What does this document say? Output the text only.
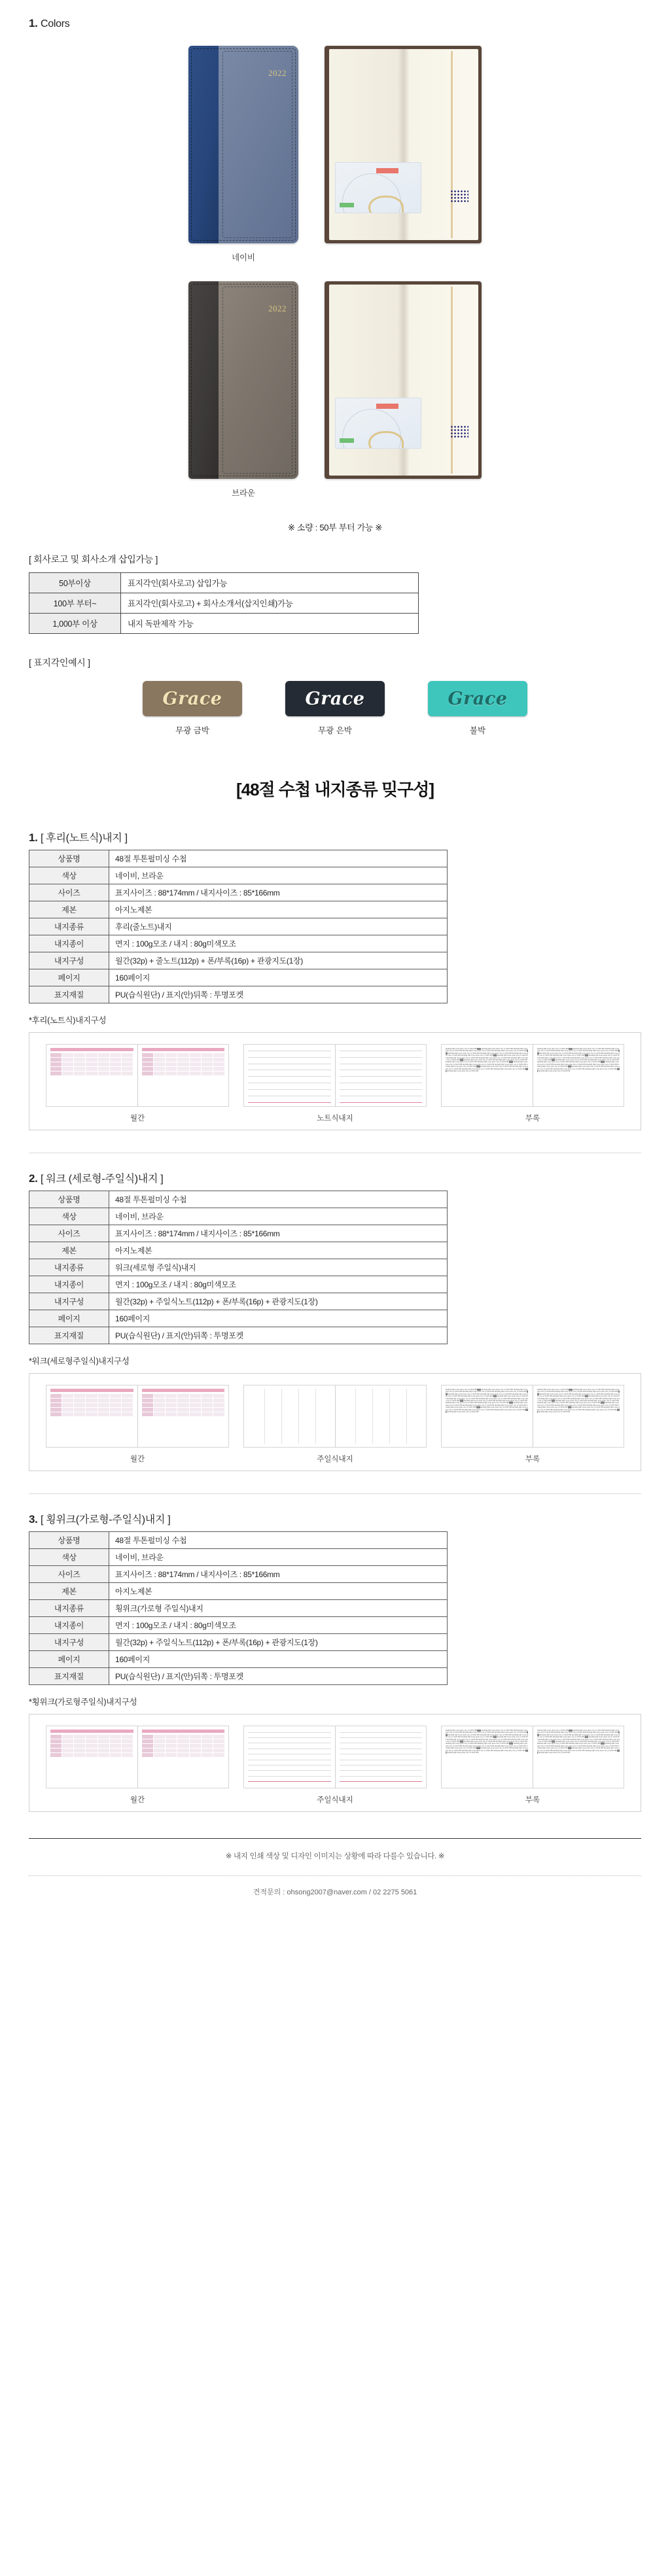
1. Colors
2022
네이비
2022
브라운
※ 소량 : 50부 부터 가능 ※
[ 회사로고 및 회사소개 삽입가능 ]
50부이상	표지각인(회사로고) 삽입가능
100부 부터~	표지각인(회사로고) + 회사소개서(삽지인쇄)가능
1,000부 이상	내지 독판제작 가능
[ 표지각인예시 ]
Grace
무광 금박
Grace
무광 은박
Grace
불박
[48절 수첩 내지종류 밎구성]
1. [ 후리(노트식)내지 ]
상품명	48절 투톤펄미싱 수첩
색상	네이비, 브라운
사이즈	표지사이즈 : 88*174mm / 내지사이즈 : 85*166mm
제본	아지노제본
내지종류	후리(줄노트)내지
내지종이	면지 : 100g모조 / 내지 : 80g미색모조
내지구성	월간(32p) + 줄노트(112p) + 폰/부록(16p) + 관광지도(1장)
페이지	160페이지
표지재질	PU(습식원단) / 표지(안)뒤쪽 : 투명포켓
*후리(노트식)내지구성
월간	노트식내지
abcdefg hijkl mnop qrstu vwx yz 0123 456 ███ abcdefg hijkl mnop qrstu vwx yz 0123 456 abcdefg hijkl mnop qrstu vwx yz 0123 456 abcdefg hijkl mnop qrstu vwx yz 0123 456 abcdefg hijkl mnop qrstu vwx yz 0123 456 ███ abcdefg hijkl mnop qrstu vwx yz 0123 456 abcdefg hijkl mnop qrstu vwx yz 0123 456 abcdefg hijkl mnop qrstu vwx yz 0123 456 abcdefg hijkl mnop qrstu vwx yz 0123 456 ███ abcdefg hijkl mnop qrstu vwx yz 0123 456 abcdefg hijkl mnop qrstu vwx yz 0123 456 abcdefg hijkl mnop qrstu vwx yz 0123 456 abcdefg hijkl mnop qrstu vwx yz 0123 456 ███ abcdefg hijkl mnop qrstu vwx yz 0123 456 abcdefg hijkl mnop qrstu vwx yz 0123 456 abcdefg hijkl mnop qrstu vwx yz 0123 456 abcdefg hijkl mnop qrstu vwx yz 0123 456 ███ abcdefg hijkl mnop qrstu vwx yz 0123 456 abcdefg hijkl mnop qrstu vwx yz 0123 456 abcdefg hijkl mnop qrstu vwx yz 0123 456 abcdefg hijkl mnop qrstu vwx yz 0123 456 ███ abcdefg hijkl mnop qrstu vwx yz 0123 456 abcdefg hijkl mnop qrstu vwx yz 0123 456 abcdefg hijkl mnop qrstu vwx yz 0123 456 abcdefg hijkl mnop qrstu vwx yz 0123 456 ███ abcdefg hijkl mnop qrstu vwx yz 0123 456
abcdefg hijkl mnop qrstu vwx yz 0123 456 ███ abcdefg hijkl mnop qrstu vwx yz 0123 456 abcdefg hijkl mnop qrstu vwx yz 0123 456 abcdefg hijkl mnop qrstu vwx yz 0123 456 abcdefg hijkl mnop qrstu vwx yz 0123 456 ███ abcdefg hijkl mnop qrstu vwx yz 0123 456 abcdefg hijkl mnop qrstu vwx yz 0123 456 abcdefg hijkl mnop qrstu vwx yz 0123 456 abcdefg hijkl mnop qrstu vwx yz 0123 456 ███ abcdefg hijkl mnop qrstu vwx yz 0123 456 abcdefg hijkl mnop qrstu vwx yz 0123 456 abcdefg hijkl mnop qrstu vwx yz 0123 456 abcdefg hijkl mnop qrstu vwx yz 0123 456 ███ abcdefg hijkl mnop qrstu vwx yz 0123 456 abcdefg hijkl mnop qrstu vwx yz 0123 456 abcdefg hijkl mnop qrstu vwx yz 0123 456 abcdefg hijkl mnop qrstu vwx yz 0123 456 ███ abcdefg hijkl mnop qrstu vwx yz 0123 456 abcdefg hijkl mnop qrstu vwx yz 0123 456 abcdefg hijkl mnop qrstu vwx yz 0123 456 abcdefg hijkl mnop qrstu vwx yz 0123 456 ███ abcdefg hijkl mnop qrstu vwx yz 0123 456 abcdefg hijkl mnop qrstu vwx yz 0123 456 abcdefg hijkl mnop qrstu vwx yz 0123 456 abcdefg hijkl mnop qrstu vwx yz 0123 456 ███ abcdefg hijkl mnop qrstu vwx yz 0123 456
부록
2. [ 워크 (세로형-주일식)내지 ]
상품명	48절 투톤펄미싱 수첩
색상	네이비, 브라운
사이즈	표지사이즈 : 88*174mm / 내지사이즈 : 85*166mm
제본	아지노제본
내지종류	워크(세로형 주일식)내지
내지종이	면지 : 100g모조 / 내지 : 80g미색모조
내지구성	월간(32p) + 주일식노트(112p) + 폰/부록(16p) + 관광지도(1장)
페이지	160페이지
표지재질	PU(습식원단) / 표지(안)뒤쪽 : 투명포켓
*워크(세로형주일식)내지구성
월간	주일식내지
abcdefg hijkl mnop qrstu vwx yz 0123 456 ███ abcdefg hijkl mnop qrstu vwx yz 0123 456 abcdefg hijkl mnop qrstu vwx yz 0123 456 abcdefg hijkl mnop qrstu vwx yz 0123 456 abcdefg hijkl mnop qrstu vwx yz 0123 456 ███ abcdefg hijkl mnop qrstu vwx yz 0123 456 abcdefg hijkl mnop qrstu vwx yz 0123 456 abcdefg hijkl mnop qrstu vwx yz 0123 456 abcdefg hijkl mnop qrstu vwx yz 0123 456 ███ abcdefg hijkl mnop qrstu vwx yz 0123 456 abcdefg hijkl mnop qrstu vwx yz 0123 456 abcdefg hijkl mnop qrstu vwx yz 0123 456 abcdefg hijkl mnop qrstu vwx yz 0123 456 ███ abcdefg hijkl mnop qrstu vwx yz 0123 456 abcdefg hijkl mnop qrstu vwx yz 0123 456 abcdefg hijkl mnop qrstu vwx yz 0123 456 abcdefg hijkl mnop qrstu vwx yz 0123 456 ███ abcdefg hijkl mnop qrstu vwx yz 0123 456 abcdefg hijkl mnop qrstu vwx yz 0123 456 abcdefg hijkl mnop qrstu vwx yz 0123 456 abcdefg hijkl mnop qrstu vwx yz 0123 456 ███ abcdefg hijkl mnop qrstu vwx yz 0123 456 abcdefg hijkl mnop qrstu vwx yz 0123 456 abcdefg hijkl mnop qrstu vwx yz 0123 456 abcdefg hijkl mnop qrstu vwx yz 0123 456 ███ abcdefg hijkl mnop qrstu vwx yz 0123 456
abcdefg hijkl mnop qrstu vwx yz 0123 456 ███ abcdefg hijkl mnop qrstu vwx yz 0123 456 abcdefg hijkl mnop qrstu vwx yz 0123 456 abcdefg hijkl mnop qrstu vwx yz 0123 456 abcdefg hijkl mnop qrstu vwx yz 0123 456 ███ abcdefg hijkl mnop qrstu vwx yz 0123 456 abcdefg hijkl mnop qrstu vwx yz 0123 456 abcdefg hijkl mnop qrstu vwx yz 0123 456 abcdefg hijkl mnop qrstu vwx yz 0123 456 ███ abcdefg hijkl mnop qrstu vwx yz 0123 456 abcdefg hijkl mnop qrstu vwx yz 0123 456 abcdefg hijkl mnop qrstu vwx yz 0123 456 abcdefg hijkl mnop qrstu vwx yz 0123 456 ███ abcdefg hijkl mnop qrstu vwx yz 0123 456 abcdefg hijkl mnop qrstu vwx yz 0123 456 abcdefg hijkl mnop qrstu vwx yz 0123 456 abcdefg hijkl mnop qrstu vwx yz 0123 456 ███ abcdefg hijkl mnop qrstu vwx yz 0123 456 abcdefg hijkl mnop qrstu vwx yz 0123 456 abcdefg hijkl mnop qrstu vwx yz 0123 456 abcdefg hijkl mnop qrstu vwx yz 0123 456 ███ abcdefg hijkl mnop qrstu vwx yz 0123 456 abcdefg hijkl mnop qrstu vwx yz 0123 456 abcdefg hijkl mnop qrstu vwx yz 0123 456 abcdefg hijkl mnop qrstu vwx yz 0123 456 ███ abcdefg hijkl mnop qrstu vwx yz 0123 456
부록
3. [ 횡위크(가로형-주일식)내지 ]
상품명	48절 투톤펄미싱 수첩
색상	네이비, 브라운
사이즈	표지사이즈 : 88*174mm / 내지사이즈 : 85*166mm
제본	아지노제본
내지종류	횡위크(가로형 주일식)내지
내지종이	면지 : 100g모조 / 내지 : 80g미색모조
내지구성	월간(32p) + 주일식노트(112p) + 폰/부록(16p) + 관광지도(1장)
페이지	160페이지
표지재질	PU(습식원단) / 표지(안)뒤쪽 : 투명포켓
*횡위크(가로형주일식)내지구성
월간	주일식내지
abcdefg hijkl mnop qrstu vwx yz 0123 456 ███ abcdefg hijkl mnop qrstu vwx yz 0123 456 abcdefg hijkl mnop qrstu vwx yz 0123 456 abcdefg hijkl mnop qrstu vwx yz 0123 456 abcdefg hijkl mnop qrstu vwx yz 0123 456 ███ abcdefg hijkl mnop qrstu vwx yz 0123 456 abcdefg hijkl mnop qrstu vwx yz 0123 456 abcdefg hijkl mnop qrstu vwx yz 0123 456 abcdefg hijkl mnop qrstu vwx yz 0123 456 ███ abcdefg hijkl mnop qrstu vwx yz 0123 456 abcdefg hijkl mnop qrstu vwx yz 0123 456 abcdefg hijkl mnop qrstu vwx yz 0123 456 abcdefg hijkl mnop qrstu vwx yz 0123 456 ███ abcdefg hijkl mnop qrstu vwx yz 0123 456 abcdefg hijkl mnop qrstu vwx yz 0123 456 abcdefg hijkl mnop qrstu vwx yz 0123 456 abcdefg hijkl mnop qrstu vwx yz 0123 456 ███ abcdefg hijkl mnop qrstu vwx yz 0123 456 abcdefg hijkl mnop qrstu vwx yz 0123 456 abcdefg hijkl mnop qrstu vwx yz 0123 456 abcdefg hijkl mnop qrstu vwx yz 0123 456 ███ abcdefg hijkl mnop qrstu vwx yz 0123 456 abcdefg hijkl mnop qrstu vwx yz 0123 456 abcdefg hijkl mnop qrstu vwx yz 0123 456 abcdefg hijkl mnop qrstu vwx yz 0123 456 ███ abcdefg hijkl mnop qrstu vwx yz 0123 456
abcdefg hijkl mnop qrstu vwx yz 0123 456 ███ abcdefg hijkl mnop qrstu vwx yz 0123 456 abcdefg hijkl mnop qrstu vwx yz 0123 456 abcdefg hijkl mnop qrstu vwx yz 0123 456 abcdefg hijkl mnop qrstu vwx yz 0123 456 ███ abcdefg hijkl mnop qrstu vwx yz 0123 456 abcdefg hijkl mnop qrstu vwx yz 0123 456 abcdefg hijkl mnop qrstu vwx yz 0123 456 abcdefg hijkl mnop qrstu vwx yz 0123 456 ███ abcdefg hijkl mnop qrstu vwx yz 0123 456 abcdefg hijkl mnop qrstu vwx yz 0123 456 abcdefg hijkl mnop qrstu vwx yz 0123 456 abcdefg hijkl mnop qrstu vwx yz 0123 456 ███ abcdefg hijkl mnop qrstu vwx yz 0123 456 abcdefg hijkl mnop qrstu vwx yz 0123 456 abcdefg hijkl mnop qrstu vwx yz 0123 456 abcdefg hijkl mnop qrstu vwx yz 0123 456 ███ abcdefg hijkl mnop qrstu vwx yz 0123 456 abcdefg hijkl mnop qrstu vwx yz 0123 456 abcdefg hijkl mnop qrstu vwx yz 0123 456 abcdefg hijkl mnop qrstu vwx yz 0123 456 ███ abcdefg hijkl mnop qrstu vwx yz 0123 456 abcdefg hijkl mnop qrstu vwx yz 0123 456 abcdefg hijkl mnop qrstu vwx yz 0123 456 abcdefg hijkl mnop qrstu vwx yz 0123 456 ███ abcdefg hijkl mnop qrstu vwx yz 0123 456
부록
※ 내지 인쇄 색상 및 디자인 이미지는 상황에 따라 다를수 있습니다. ※
견적문의 : ohsong2007@naver.com / 02 2275 5061
